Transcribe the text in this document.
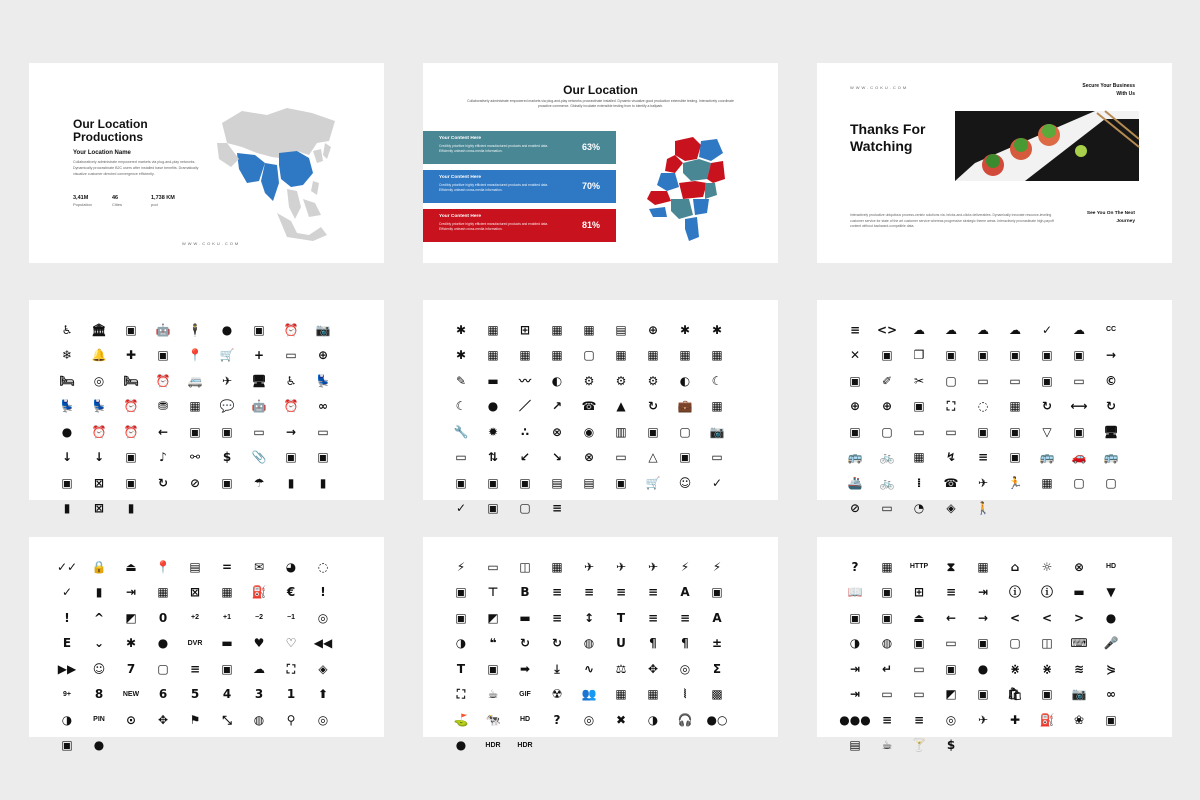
Our Location Productions
Your Location Name
Collaboratively administrate empowered markets via plug-and-play networks. Dynamically procrastinate B2C users after installed base benefits. Dramatically visualize customer directed convergence efficiently.
3,41M
Population
46
Cities
1,738 KM
pod
WWW.COKU.COM
Our Location
Collaboratively administrate empowered markets via plug-and-play networks procrastinate installed. Dynamic visualize good production extensible testing. Interactively coordinate proactive commerce. Globally incubate extensible testing from to identify a ballpark.
Your Content Here
Credibly prioritize highly efficient manufactured products and enabled data. Efficiently unleash cross-media information.	63%
Your Content Here
Credibly prioritize highly efficient manufactured products and enabled data. Efficiently unleash cross-media information.	70%
Your Content Here
Credibly prioritize highly efficient manufactured products and enabled data. Efficiently unleash cross-media information.	81%
WWW.COKU.COM	Secure Your Business With Us
Thanks For Watching
Interactively productize ubiquitous process-centric solutions via. bricks-and-clicks deliverables. Dynamically innovate resource-leveling customer service for state of the art customer service whereas progressive strategic theme areas. Interactively procrastinate high-payoff content without backward-compatible data.
See You On The Next Journey
♿	🏛	▣	🤖	🕴	●	▣	⏰	📷
❄	🔔	✚	▣	📍	🛒	+	▭	⊕
🛏	◎	🛏	⏰	🚐	✈	🖥	♿	💺
💺	💺	⏰	⛃	▦	💬	🤖	⏰	∞
●	⏰	⏰	←	▣	▣	▭	→	▭
↓	↓	▣	♪	⚯	$	📎	▣	▣
▣	⊠	▣	↻	⊘	▣	☂	▮	▮
▮	⊠	▮
✱	▦	⊞	▦	▦	▤	⊕	✱	✱
✱	▦	▦	▦	▢	▦	▦	▦	▦
✎	▬	〰	◐	⚙	⚙	⚙	◐	☾
☾	●	／	↗	☎	▲	↻	💼	▦
🔧	✹	∴	⊗	◉	▥	▣	▢	📷
▭	⇅	↙	↘	⊗	▭	△	▣	▭
▣	▣	▣	▤	▤	▣	🛒	☺	✓
✓	▣	▢	≡
≡	<>	☁	☁	☁	☁	✓	☁	CC
✕	▣	❐	▣	▣	▣	▣	▣	→
▣	✐	✂	▢	▭	▭	▣	▭	©
⊕	⊕	▣	⛶	◌	▦	↻	⟷	↻
▣	▢	▭	▭	▣	▣	▽	▣	🖥
🚌	🚲	▦	↯	≡	▣	🚌	🚗	🚌
🚢	🚲	⁞	☎	✈	🏃	▦	▢	▢
⊘	▭	◔	◈	🚶
✓✓	🔒	⏏	📍	▤	=	✉	◕	◌
✓	▮	⇥	▦	⊠	▦	⛽	€	!
!	^	◩	0	+2	+1	−2	−1	◎
E	⌄	✱	●	DVR	▬	♥	♡	◀◀
▶▶	☺	7	▢	≡	▣	☁	⛶	◈
9+	8	NEW	6	5	4	3	1	⬆
◑	PIN	⊙	✥	⚑	⤡	◍	⚲	◎
▣	●
⚡	▭	◫	▦	✈	✈	✈	⚡	⚡
▣	⊤	B	≡	≡	≡	≡	A	▣
▣	◩	▬	≡	↕	T	≡	≡	A
◑	❝	↻	↻	◍	U	¶	¶	±
T	▣	➡	⤓	∿	⚖	✥	◎	Σ
⛶	☕	GIF	☢	👥	▦	▦	⦚	▩
⛳	🐄	HD	?	◎	✖	◑	🎧	●○
●	HDR	HDR
?	▦	HTTP	⧗	▦	⌂	☼	⊗	HD
📖	▣	⊞	≡	⇥	ⓘ	ⓘ	▬	▼
▣	▣	⏏	←	→	<	<	>	●
◑	◍	▣	▭	▣	▢	◫	⌨	🎤
⇥	↵	▭	▣	●	⋇	⋇	≋	⋟
⇥	▭	▭	◩	▣	🛍	▣	📷	∞
●●● ≡	≡	◎	✈	✚	⛽	❀	▣
▤	☕	🍸	$
